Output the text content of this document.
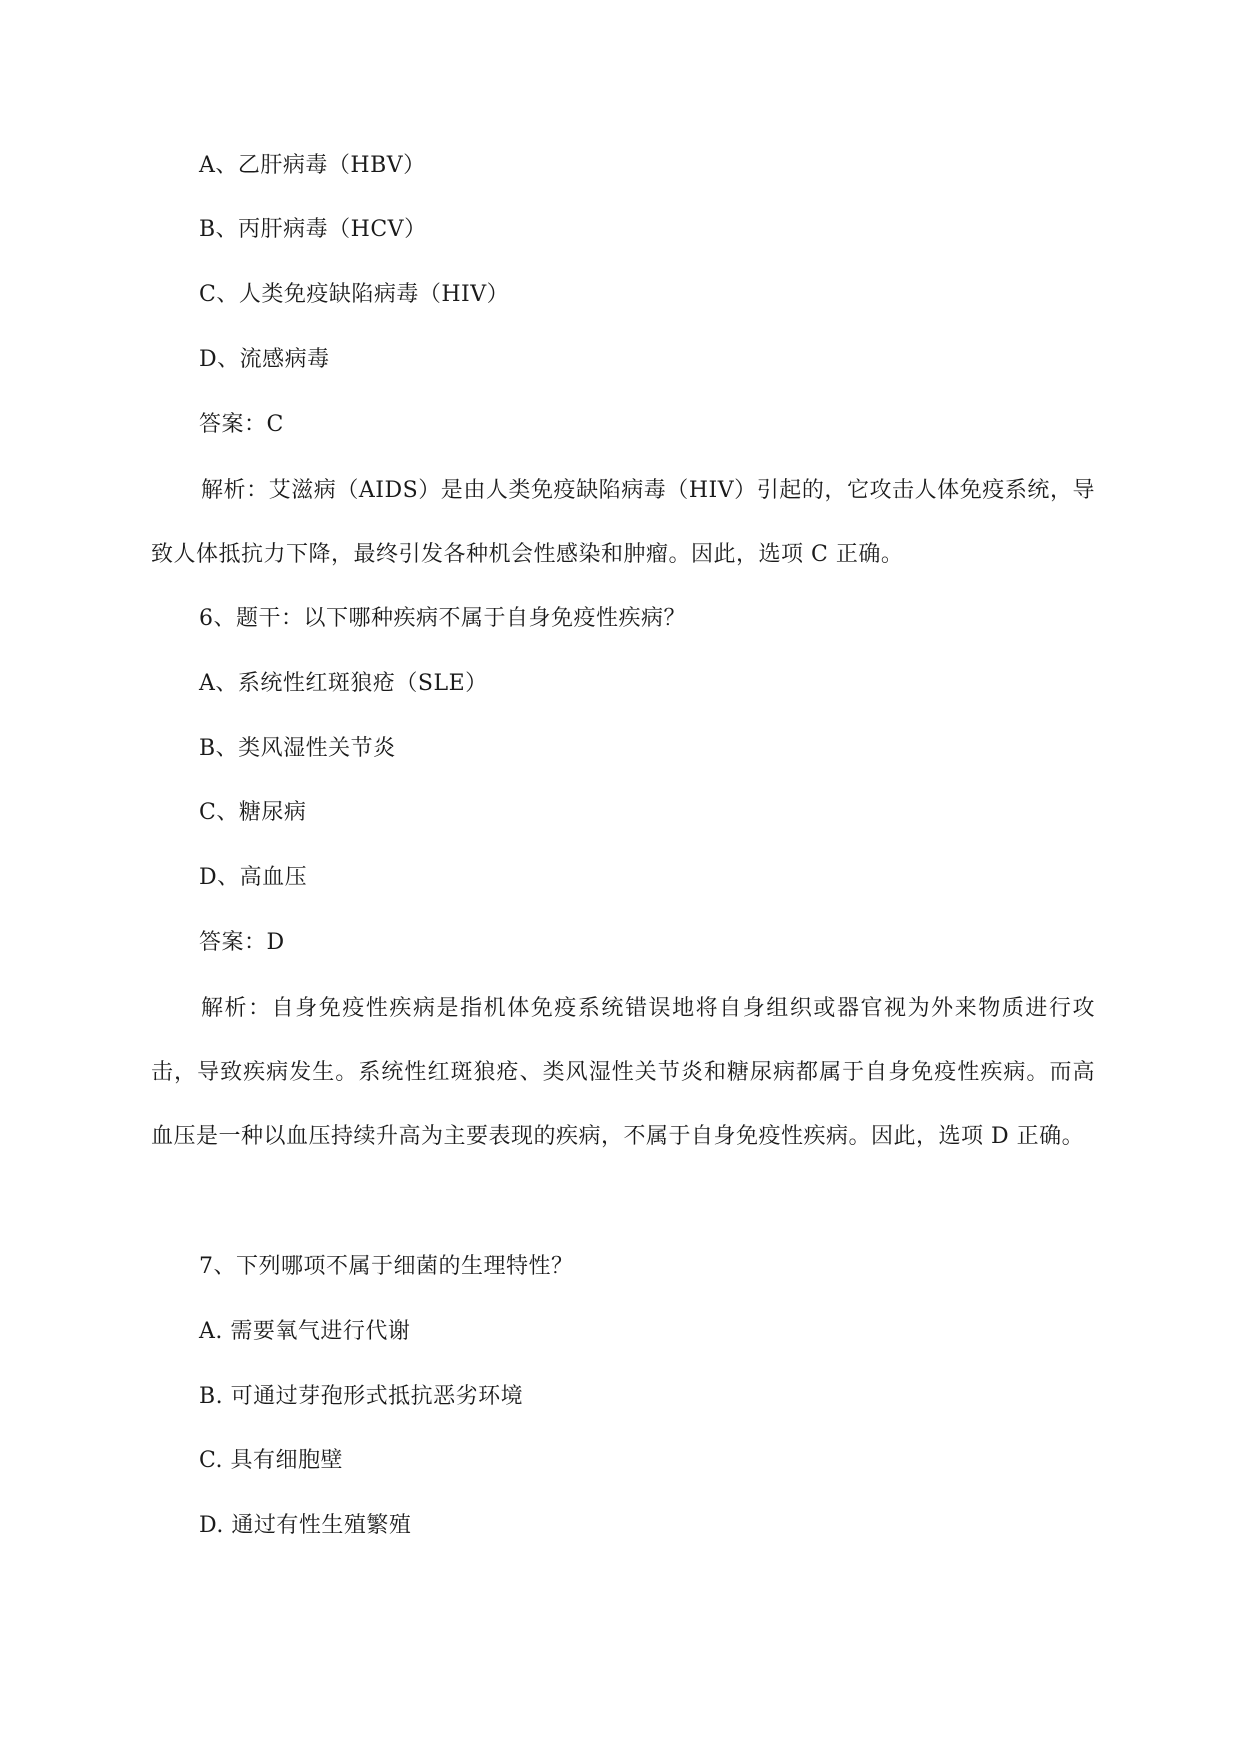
A、乙肝病毒（HBV）
B、丙肝病毒（HCV）
C、人类免疫缺陷病毒（HIV）
D、流感病毒
答案：C
解析：艾滋病（AIDS）是由人类免疫缺陷病毒（HIV）引起的，它攻击人体免疫系统，导致人体抵抗力下降，最终引发各种机会性感染和肿瘤。因此，选项 C 正确。
6、题干：以下哪种疾病不属于自身免疫性疾病？
A、系统性红斑狼疮（SLE）
B、类风湿性关节炎
C、糖尿病
D、高血压
答案：D
解析：自身免疫性疾病是指机体免疫系统错误地将自身组织或器官视为外来物质进行攻击，导致疾病发生。系统性红斑狼疮、类风湿性关节炎和糖尿病都属于自身免疫性疾病。而高血压是一种以血压持续升高为主要表现的疾病，不属于自身免疫性疾病。因此，选项 D 正确。
7、下列哪项不属于细菌的生理特性？
A. 需要氧气进行代谢
B. 可通过芽孢形式抵抗恶劣环境
C. 具有细胞壁
D. 通过有性生殖繁殖
